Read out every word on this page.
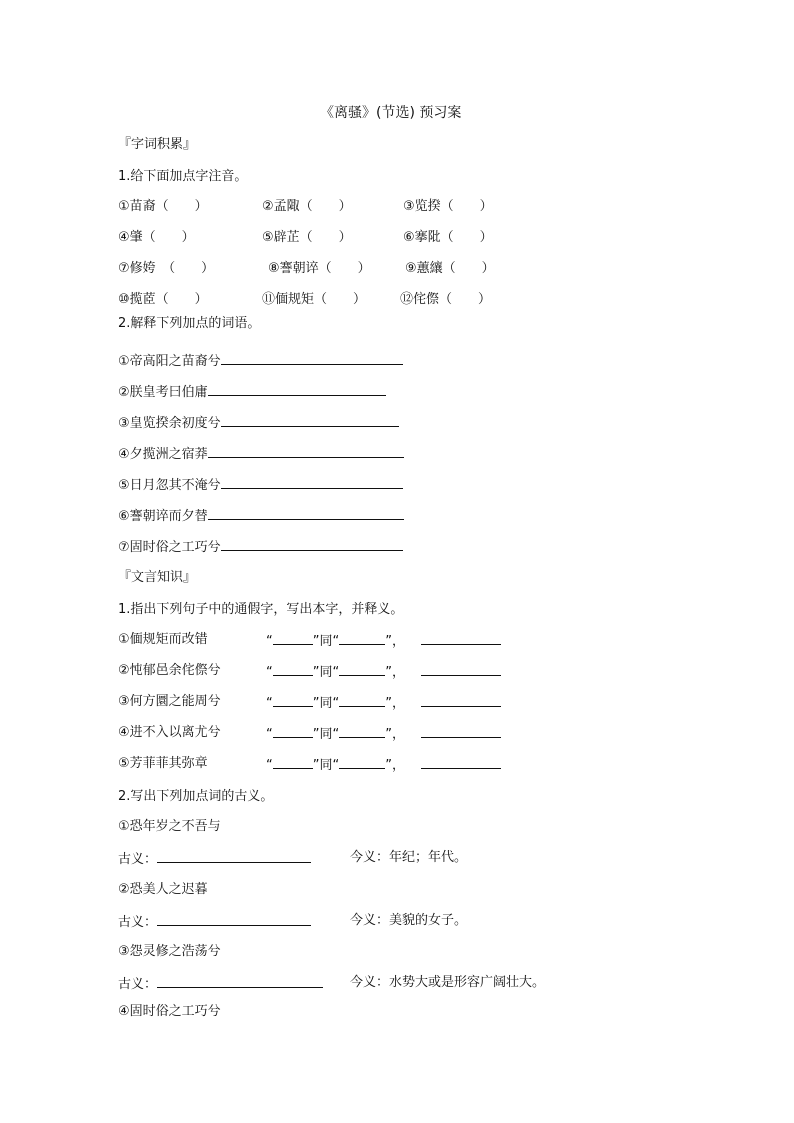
《离骚》(节选) 预习案
『字词积累』
1.给下面加点字注音。
①苗裔（　　）	②孟陬（　　）	③览揆（　　）
④肇（　　）	⑤辟芷（　　）	⑥搴阰（　　）
⑦修姱　（　　）	⑧謇朝谇（　　）	⑨蕙纕（　　）
⑩揽茝（　　）	⑪偭规矩（　　）	⑫侘傺（　　）
2.解释下列加点的词语。
①帝高阳之苗裔兮
②朕皇考曰伯庸
③皇览揆余初度兮
④夕揽洲之宿莽
⑤日月忽其不淹兮
⑥謇朝谇而夕替
⑦固时俗之工巧兮
『文言知识』
1.指出下列句子中的通假字，写出本字，并释义。
①偭规矩而改错	“	”同“	”，
②忳郁邑余侘傺兮	“	”同“	”，
③何方圜之能周兮	“	”同“	”，
④进不入以离尤兮	“	”同“	”，
⑤芳菲菲其弥章	“	”同“	”，
2.写出下列加点词的古义。
①恐年岁之不吾与
古义：	今义：年纪；年代。
②恐美人之迟暮
古义：	今义：美貌的女子。
③怨灵修之浩荡兮
古义：	今义：水势大或是形容广阔壮大。
④固时俗之工巧兮
